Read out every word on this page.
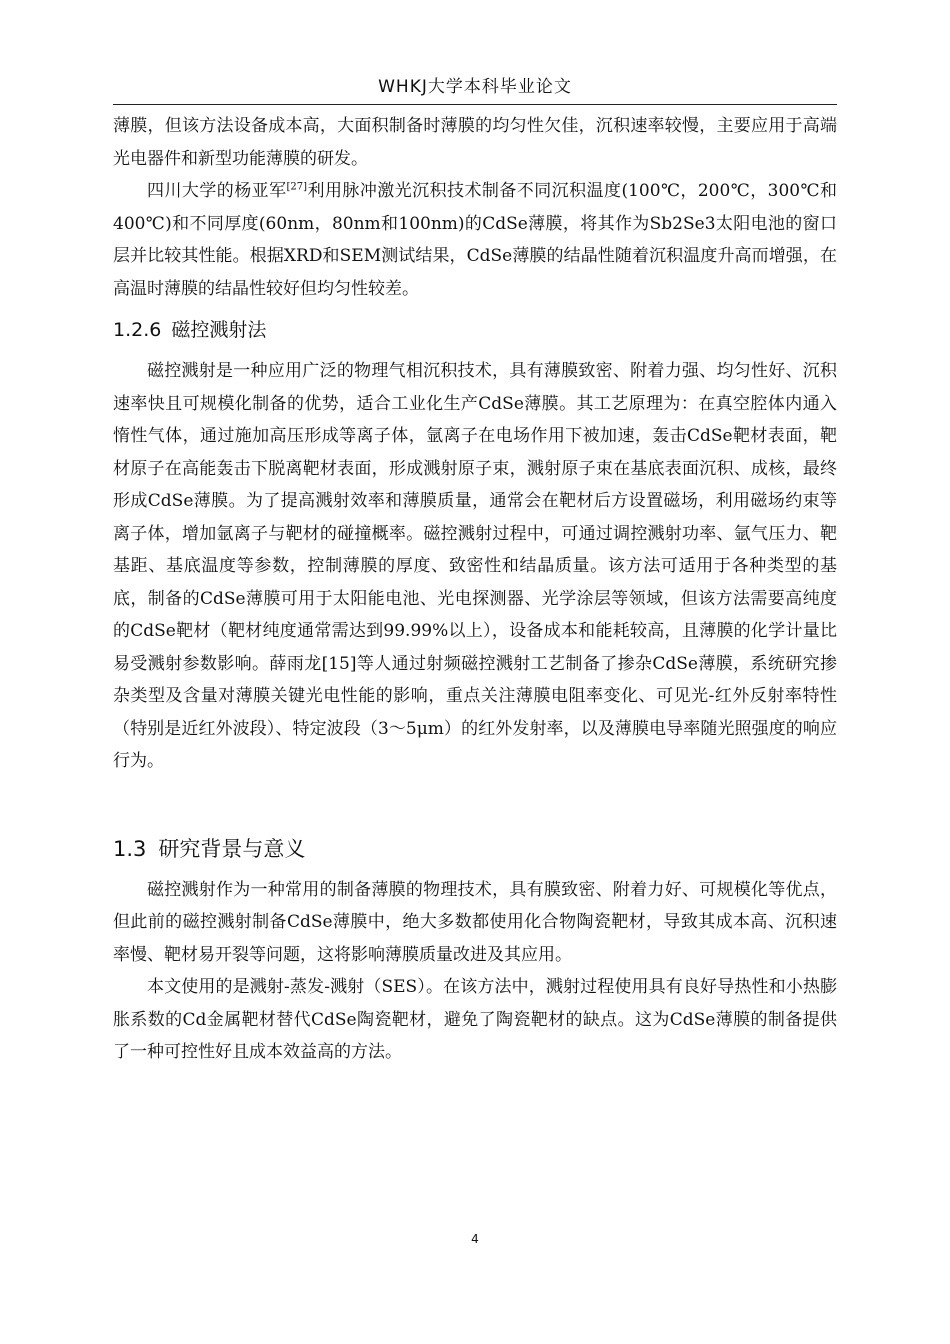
WHKJ大学本科毕业论文

薄膜，但该方法设备成本高，大面积制备时薄膜的均匀性欠佳，沉积速率较慢，主要应用于高端光电器件和新型功能薄膜的研发。

四川大学的杨亚军[27]利用脉冲激光沉积技术制备不同沉积温度(100℃，200℃，300℃和400℃)和不同厚度(60nm，80nm和100nm)的CdSe薄膜，将其作为Sb2Se3太阳电池的窗口层并比较其性能。根据XRD和SEM测试结果，CdSe薄膜的结晶性随着沉积温度升高而增强，在高温时薄膜的结晶性较好但均匀性较差。

1.2.6 磁控溅射法

磁控溅射是一种应用广泛的物理气相沉积技术，具有薄膜致密、附着力强、均匀性好、沉积速率快且可规模化制备的优势，适合工业化生产CdSe薄膜。其工艺原理为：在真空腔体内通入惰性气体，通过施加高压形成等离子体，氩离子在电场作用下被加速，轰击CdSe靶材表面，靶材原子在高能轰击下脱离靶材表面，形成溅射原子束，溅射原子束在基底表面沉积、成核，最终形成CdSe薄膜。为了提高溅射效率和薄膜质量，通常会在靶材后方设置磁场，利用磁场约束等离子体，增加氩离子与靶材的碰撞概率。磁控溅射过程中，可通过调控溅射功率、氩气压力、靶基距、基底温度等参数，控制薄膜的厚度、致密性和结晶质量。该方法可适用于各种类型的基底，制备的CdSe薄膜可用于太阳能电池、光电探测器、光学涂层等领域，但该方法需要高纯度的CdSe靶材（靶材纯度通常需达到99.99%以上），设备成本和能耗较高，且薄膜的化学计量比易受溅射参数影响。薛雨龙[15]等人通过射频磁控溅射工艺制备了掺杂CdSe薄膜，系统研究掺杂类型及含量对薄膜关键光电性能的影响，重点关注薄膜电阻率变化、可见光-红外反射率特性（特别是近红外波段）、特定波段（3～5μm）的红外发射率，以及薄膜电导率随光照强度的响应行为。

1.3 研究背景与意义

磁控溅射作为一种常用的制备薄膜的物理技术，具有膜致密、附着力好、可规模化等优点，但此前的磁控溅射制备CdSe薄膜中，绝大多数都使用化合物陶瓷靶材，导致其成本高、沉积速率慢、靶材易开裂等问题，这将影响薄膜质量改进及其应用。

本文使用的是溅射-蒸发-溅射（SES）。在该方法中，溅射过程使用具有良好导热性和小热膨胀系数的Cd金属靶材替代CdSe陶瓷靶材，避免了陶瓷靶材的缺点。这为CdSe薄膜的制备提供了一种可控性好且成本效益高的方法。

4
